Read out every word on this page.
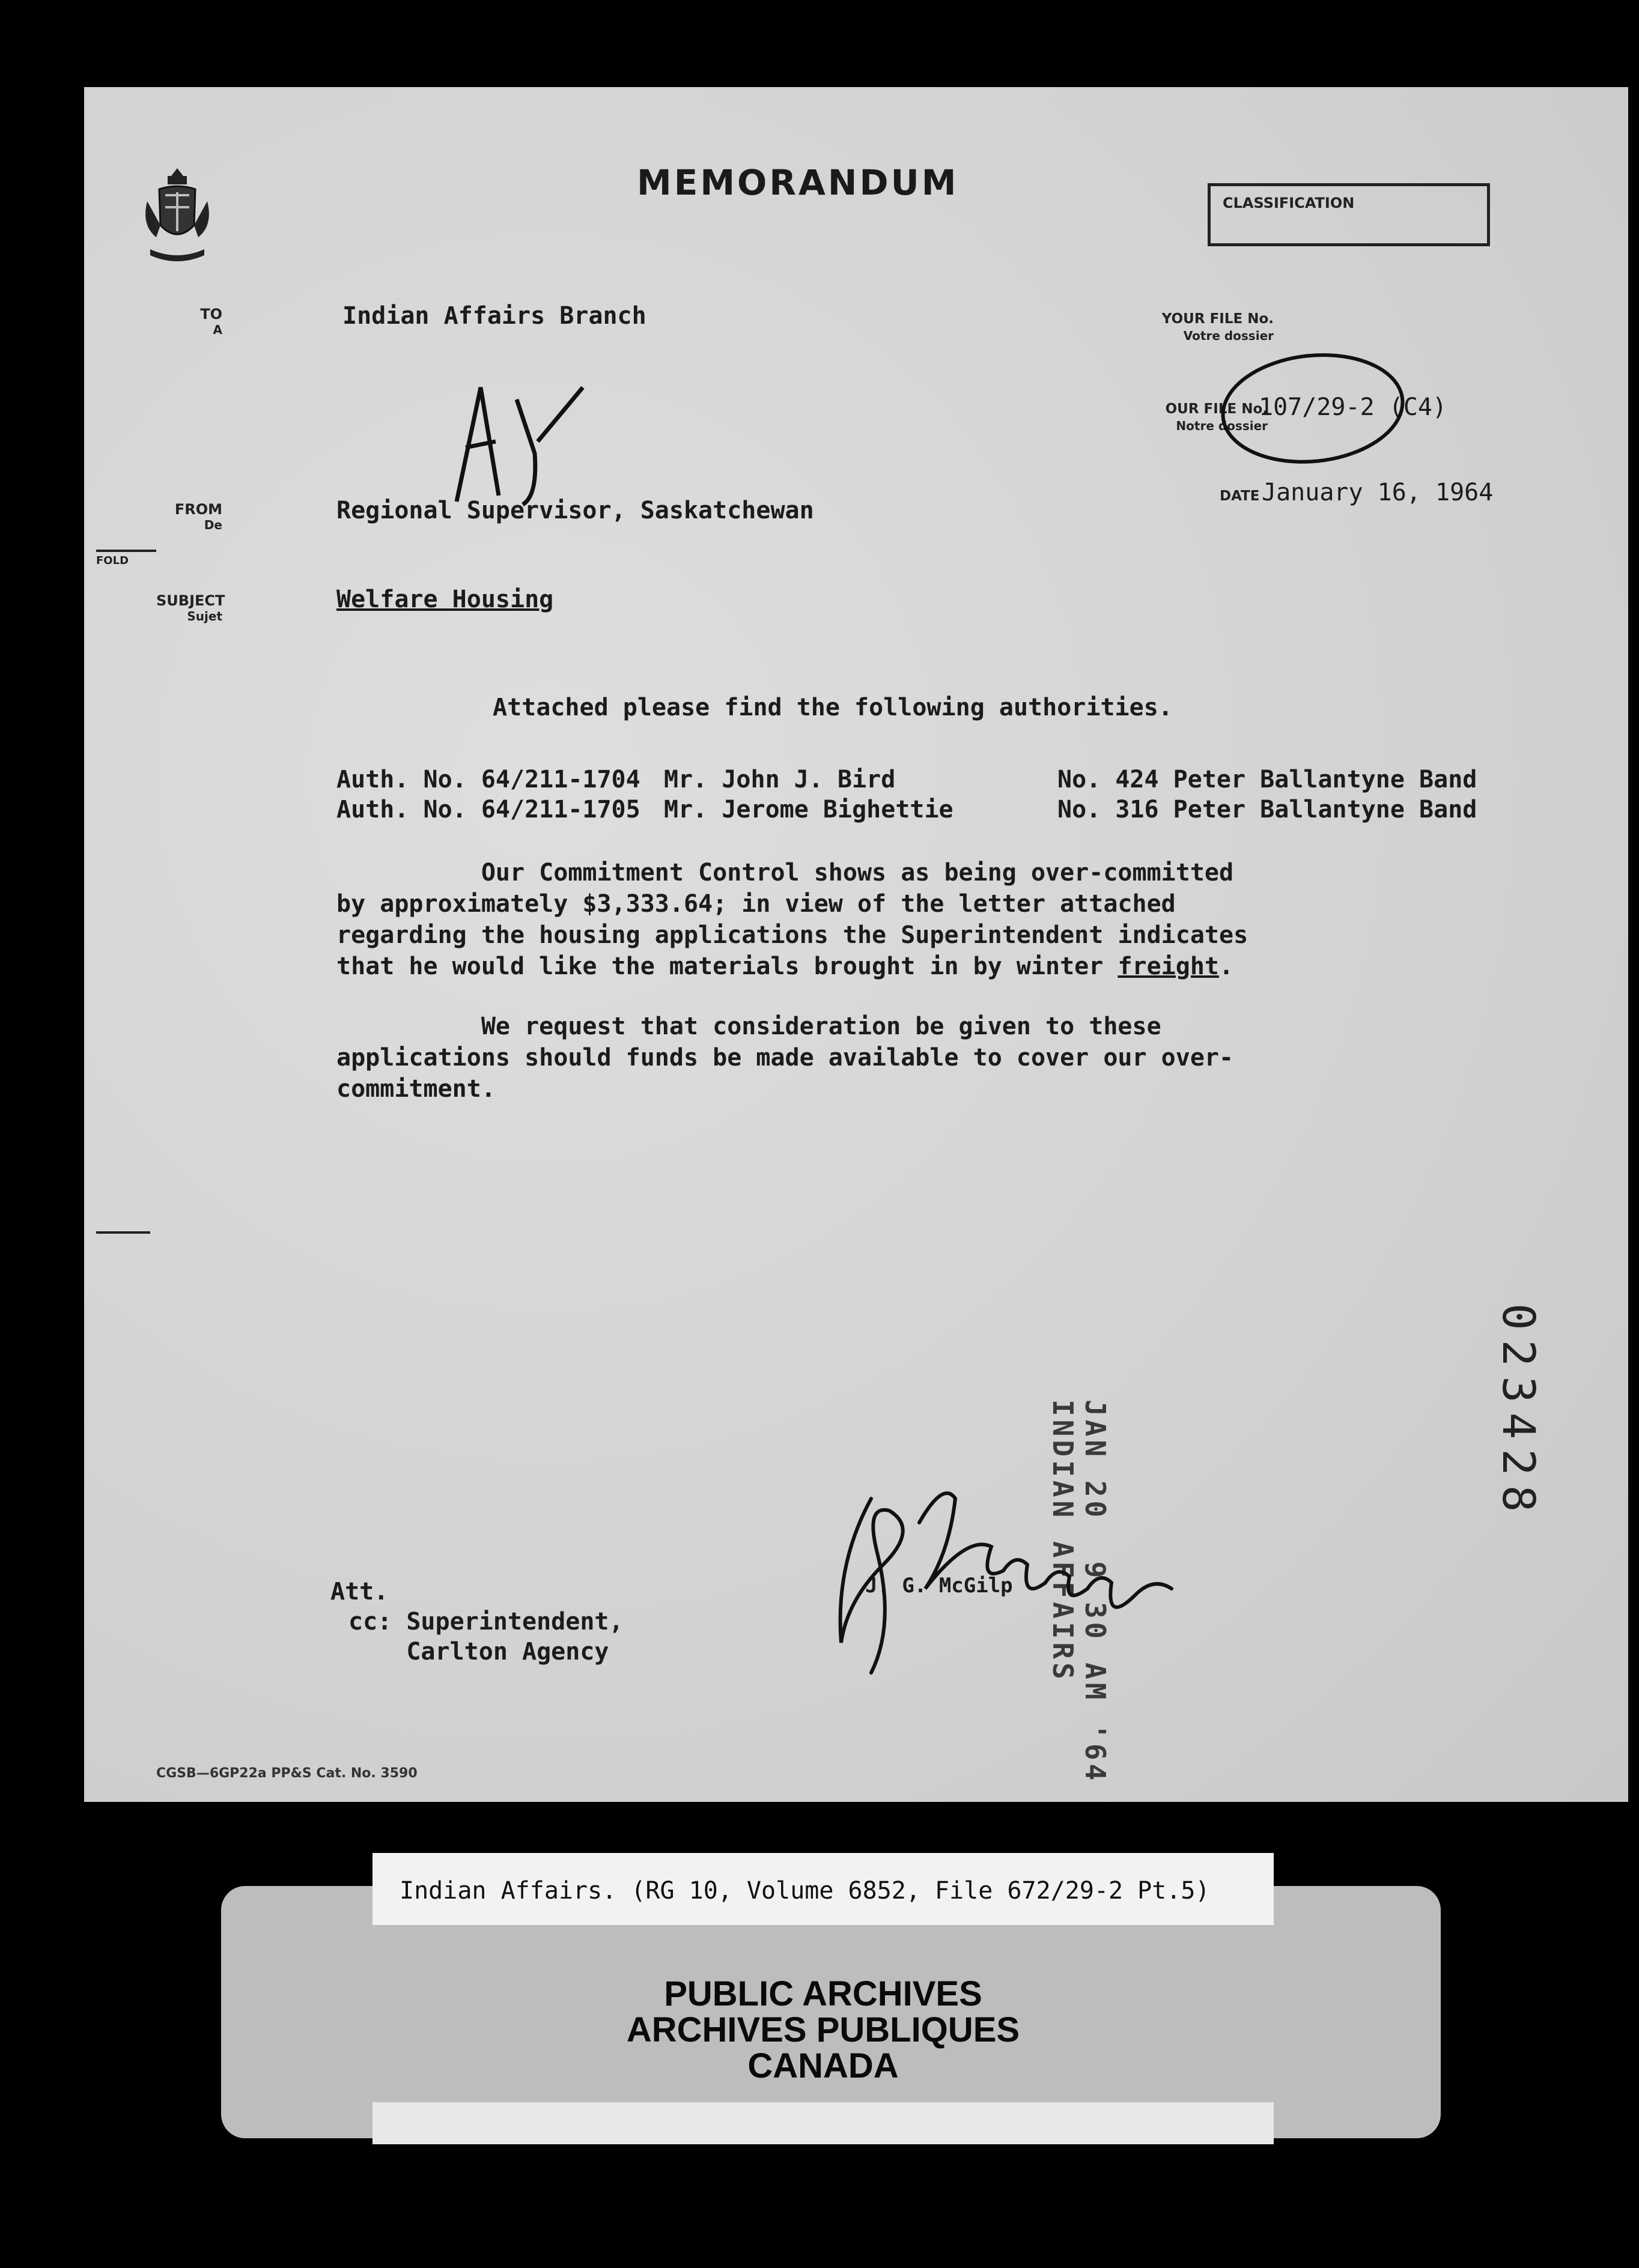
MEMORANDUM	CLASSIFICATION
TO
A	Indian Affairs Branch	YOUR FILE No.
Votre dossier
OUR FILE No.
Notre dossier
107/29-2 (C4)
DATE January 16, 1964
FROM
De
Regional Supervisor, Saskatchewan
FOLD
SUBJECT
Sujet
Welfare Housing
Attached please find the following authorities.
Auth. No. 64/211-1704 Mr. John J. Bird	No. 424 Peter Ballantyne Band
Auth. No. 64/211-1705 Mr. Jerome Bighettie	No. 316 Peter Ballantyne Band
Our Commitment Control shows as being over-committed
by approximately $3,333.64; in view of the letter attached
regarding the housing applications the Superintendent indicates
that he would like the materials brought in by winter freight.
We request that consideration be given to these
applications should funds be made available to cover our over-
commitment.
JAN 20  9 30 AM '64
INDIAN AFFAIRS	023428
J. G. McGilp
Att.
cc: Superintendent,
Carlton Agency
CGSB—6GP22a PP&S Cat. No. 3590
Indian Affairs. (RG 10, Volume 6852, File 672/29-2 Pt.5)
PUBLIC ARCHIVES
ARCHIVES PUBLIQUES
CANADA
